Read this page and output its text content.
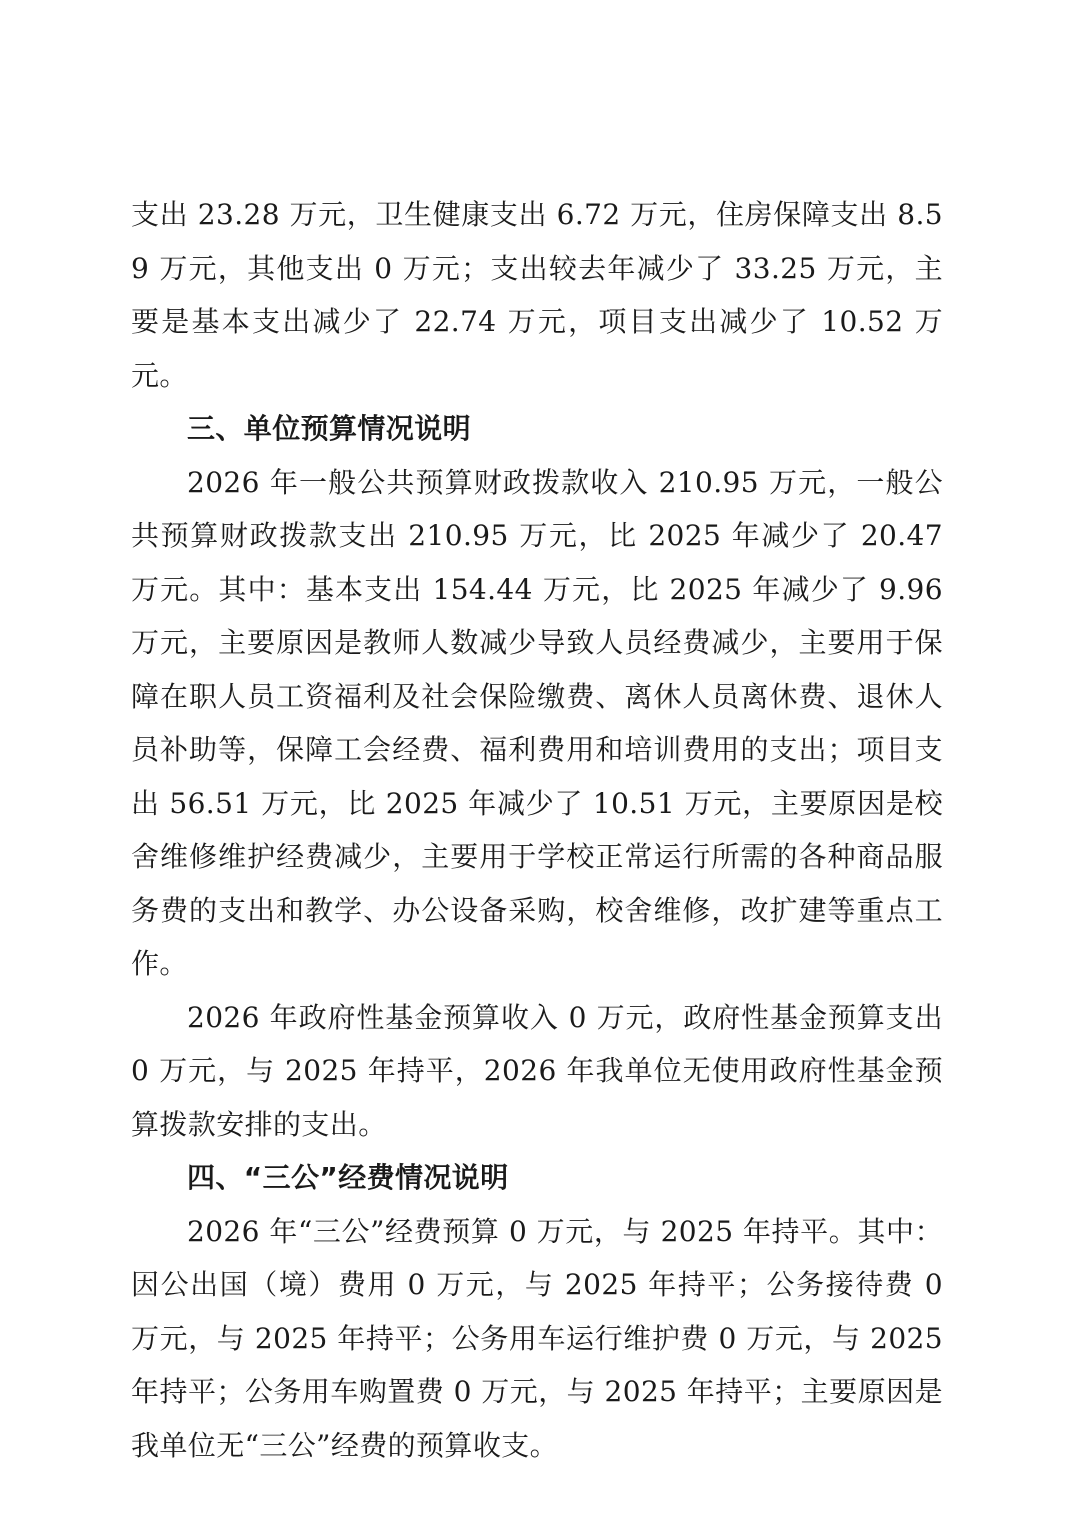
支出 23.28 万元，卫生健康支出 6.72 万元，住房保障支出 8.59 万元，其他支出 0 万元；支出较去年减少了 33.25 万元，主要是基本支出减少了 22.74 万元，项目支出减少了 10.52 万元。

三、单位预算情况说明

2026 年一般公共预算财政拨款收入 210.95 万元，一般公共预算财政拨款支出 210.95 万元，比 2025 年减少了 20.47 万元。其中：基本支出 154.44 万元，比 2025 年减少了 9.96 万元，主要原因是教师人数减少导致人员经费减少，主要用于保障在职人员工资福利及社会保险缴费、离休人员离休费、退休人员补助等，保障工会经费、福利费用和培训费用的支出；项目支出 56.51 万元，比 2025 年减少了 10.51 万元，主要原因是校舍维修维护经费减少，主要用于学校正常运行所需的各种商品服务费的支出和教学、办公设备采购，校舍维修，改扩建等重点工作。

2026 年政府性基金预算收入 0 万元，政府性基金预算支出 0 万元，与 2025 年持平，2026 年我单位无使用政府性基金预算拨款安排的支出。

四、“三公”经费情况说明

2026 年“三公”经费预算 0 万元，与 2025 年持平。其中：因公出国（境）费用 0 万元，与 2025 年持平；公务接待费 0 万元，与 2025 年持平；公务用车运行维护费 0 万元，与 2025 年持平；公务用车购置费 0 万元，与 2025 年持平；主要原因是我单位无“三公”经费的预算收支。
